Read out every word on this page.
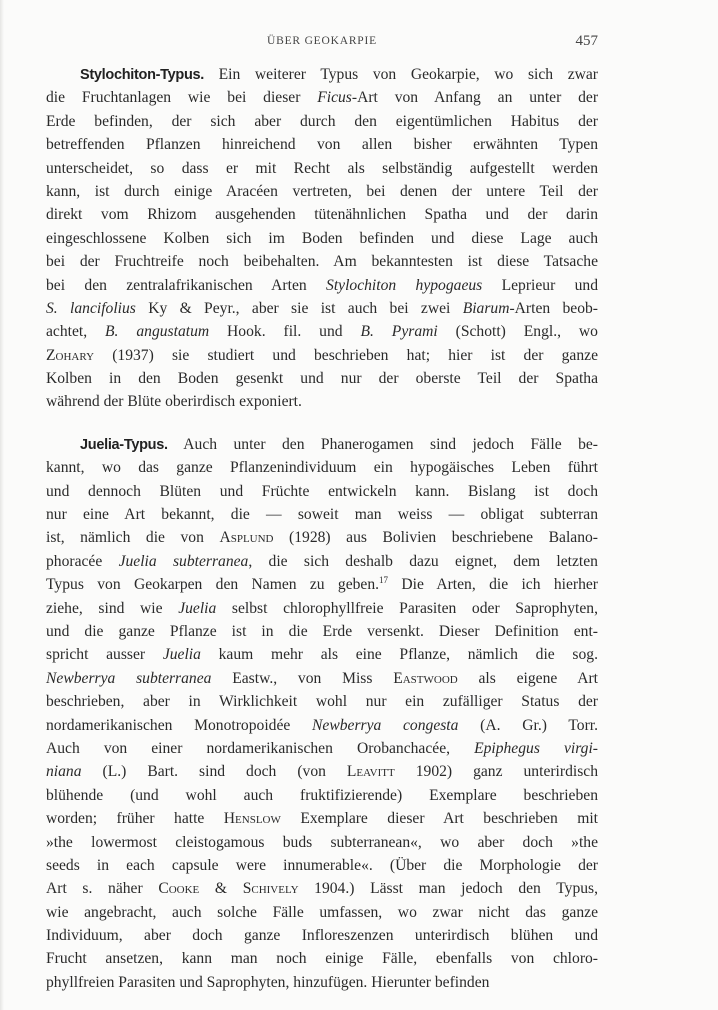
ÜBER GEOKARPIE	457
Stylochiton-Typus. Ein weiterer Typus von Geokarpie, wo sich zwar
die Fruchtanlagen wie bei dieser Ficus-Art von Anfang an unter der
Erde befinden, der sich aber durch den eigentümlichen Habitus der
betreffenden Pflanzen hinreichend von allen bisher erwähnten Typen
unterscheidet, so dass er mit Recht als selbständig aufgestellt werden
kann, ist durch einige Aracéen vertreten, bei denen der untere Teil der
direkt vom Rhizom ausgehenden tütenähnlichen Spatha und der darin
eingeschlossene Kolben sich im Boden befinden und diese Lage auch
bei der Fruchtreife noch beibehalten. Am bekanntesten ist diese Tatsache
bei den zentralafrikanischen Arten Stylochiton hypogaeus Leprieur und
S. lancifolius Ky & Peyr., aber sie ist auch bei zwei Biarum-Arten beob-
achtet, B. angustatum Hook. fil. und B. Pyrami (Schott) Engl., wo
Zohary (1937) sie studiert und beschrieben hat; hier ist der ganze
Kolben in den Boden gesenkt und nur der oberste Teil der Spatha
während der Blüte oberirdisch exponiert.
Juelia-Typus. Auch unter den Phanerogamen sind jedoch Fälle be-
kannt, wo das ganze Pflanzenindividuum ein hypogäisches Leben führt
und dennoch Blüten und Früchte entwickeln kann. Bislang ist doch
nur eine Art bekannt, die — soweit man weiss — obligat subterran
ist, nämlich die von Asplund (1928) aus Bolivien beschriebene Balano-
phoracée Juelia subterranea, die sich deshalb dazu eignet, dem letzten
Typus von Geokarpen den Namen zu geben.$^{17}$ Die Arten, die ich hierher
ziehe, sind wie Juelia selbst chlorophyllfreie Parasiten oder Saprophyten,
und die ganze Pflanze ist in die Erde versenkt. Dieser Definition ent-
spricht ausser Juelia kaum mehr als eine Pflanze, nämlich die sog.
Newberrya subterranea Eastw., von Miss Eastwood als eigene Art
beschrieben, aber in Wirklichkeit wohl nur ein zufälliger Status der
nordamerikanischen Monotropoidée Newberrya congesta (A. Gr.) Torr.
Auch von einer nordamerikanischen Orobanchacée, Epiphegus virgi-
niana (L.) Bart. sind doch (von Leavitt 1902) ganz unterirdisch
blühende (und wohl auch fruktifizierende) Exemplare beschrieben
worden; früher hatte Henslow Exemplare dieser Art beschrieben mit
»the lowermost cleistogamous buds subterranean«, wo aber doch »the
seeds in each capsule were innumerable«. (Über die Morphologie der
Art s. näher Cooke & Schively 1904.) Lässt man jedoch den Typus,
wie angebracht, auch solche Fälle umfassen, wo zwar nicht das ganze
Individuum, aber doch ganze Infloreszenzen unterirdisch blühen und
Frucht ansetzen, kann man noch einige Fälle, ebenfalls von chloro-
phyllfreien Parasiten und Saprophyten, hinzufügen. Hierunter befinden
